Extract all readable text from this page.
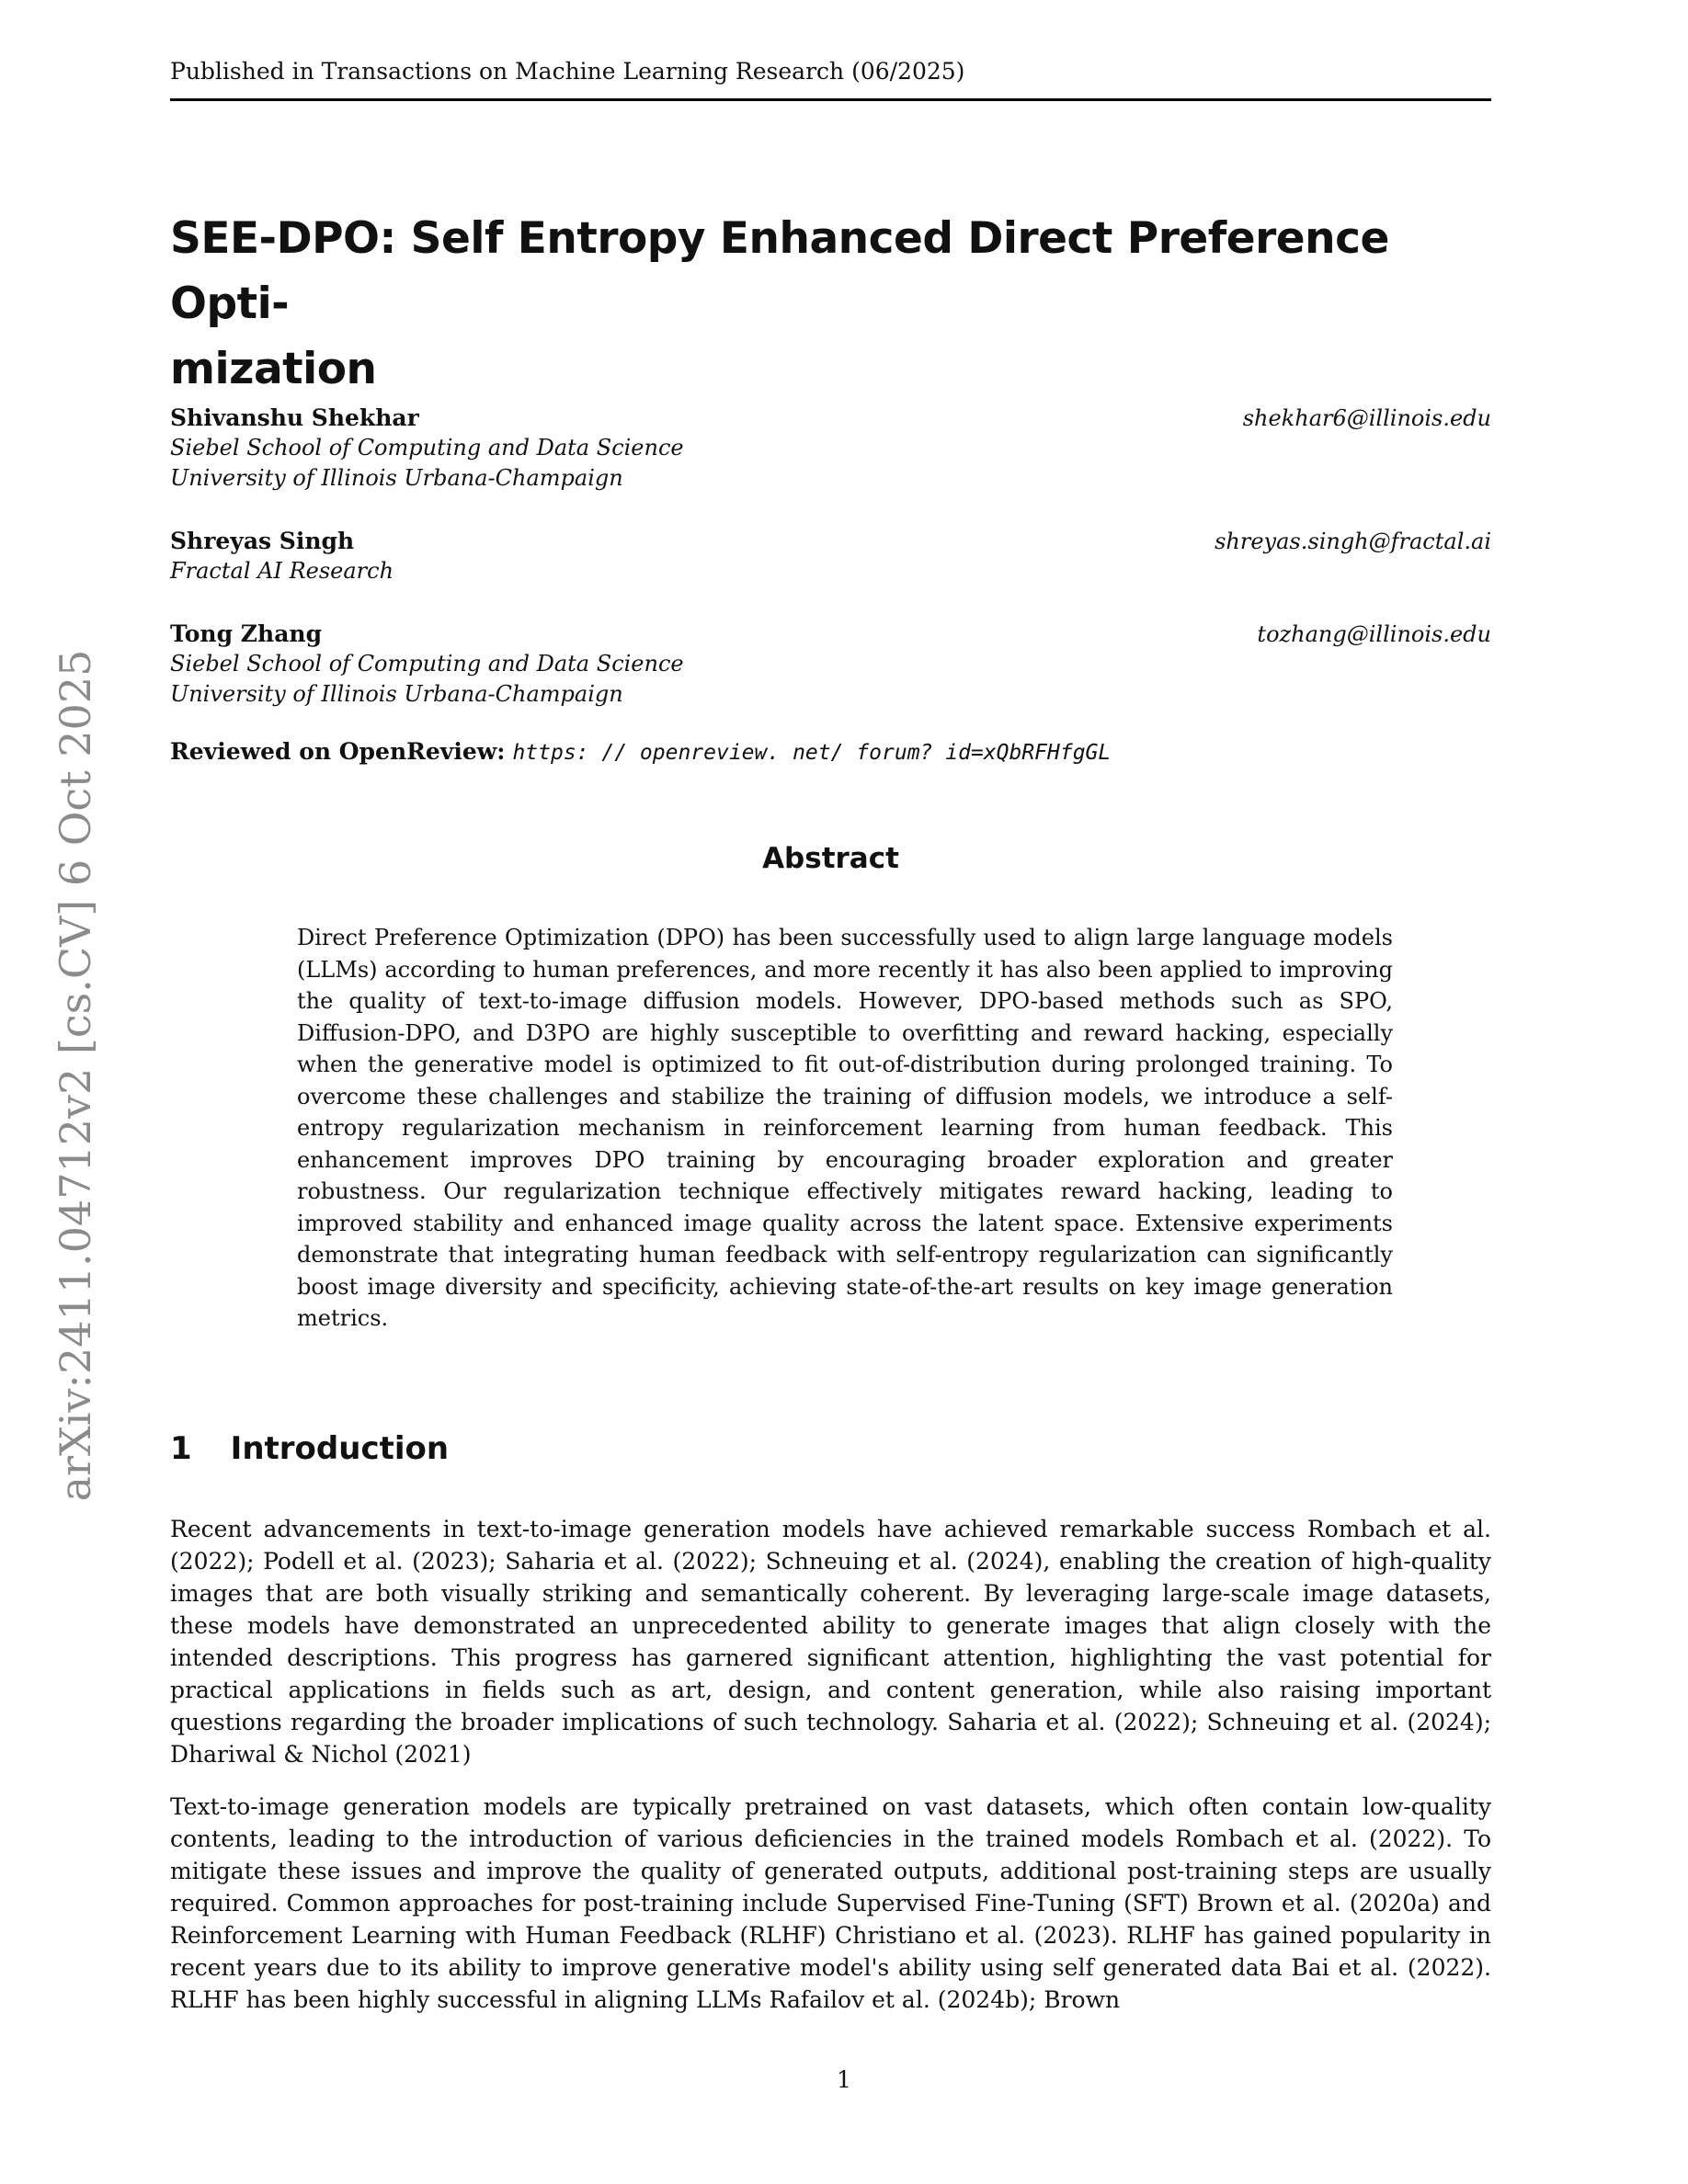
Published in Transactions on Machine Learning Research (06/2025)
arXiv:2411.04712v2 [cs.CV] 6 Oct 2025
SEE-DPO: Self Entropy Enhanced Direct Preference Opti-
mization
Shivanshu Shekhar	shekhar6@illinois.edu
Siebel School of Computing and Data Science
University of Illinois Urbana-Champaign
Shreyas Singh	shreyas.singh@fractal.ai
Fractal AI Research
Tong Zhang	tozhang@illinois.edu
Siebel School of Computing and Data Science
University of Illinois Urbana-Champaign
Reviewed on OpenReview: https: // openreview. net/ forum? id=xQbRFHfgGL
Abstract
Direct Preference Optimization (DPO) has been successfully used to align large language models (LLMs) according to human preferences, and more recently it has also been applied to improving the quality of text-to-image diffusion models. However, DPO-based methods such as SPO, Diffusion-DPO, and D3PO are highly susceptible to overfitting and reward hacking, especially when the generative model is optimized to fit out-of-distribution during prolonged training. To overcome these challenges and stabilize the training of diffusion models, we introduce a self-entropy regularization mechanism in reinforcement learning from human feedback. This enhancement improves DPO training by encouraging broader exploration and greater robustness. Our regularization technique effectively mitigates reward hacking, leading to improved stability and enhanced image quality across the latent space. Extensive experiments demonstrate that integrating human feedback with self-entropy regularization can significantly boost image diversity and specificity, achieving state-of-the-art results on key image generation metrics.
1 Introduction
Recent advancements in text-to-image generation models have achieved remarkable success Rombach et al. (2022); Podell et al. (2023); Saharia et al. (2022); Schneuing et al. (2024), enabling the creation of high-quality images that are both visually striking and semantically coherent. By leveraging large-scale image datasets, these models have demonstrated an unprecedented ability to generate images that align closely with the intended descriptions. This progress has garnered significant attention, highlighting the vast potential for practical applications in fields such as art, design, and content generation, while also raising important questions regarding the broader implications of such technology. Saharia et al. (2022); Schneuing et al. (2024); Dhariwal & Nichol (2021)
Text-to-image generation models are typically pretrained on vast datasets, which often contain low-quality contents, leading to the introduction of various deficiencies in the trained models Rombach et al. (2022). To mitigate these issues and improve the quality of generated outputs, additional post-training steps are usually required. Common approaches for post-training include Supervised Fine-Tuning (SFT) Brown et al. (2020a) and Reinforcement Learning with Human Feedback (RLHF) Christiano et al. (2023). RLHF has gained popularity in recent years due to its ability to improve generative model's ability using self generated data Bai et al. (2022). RLHF has been highly successful in aligning LLMs Rafailov et al. (2024b); Brown
1
